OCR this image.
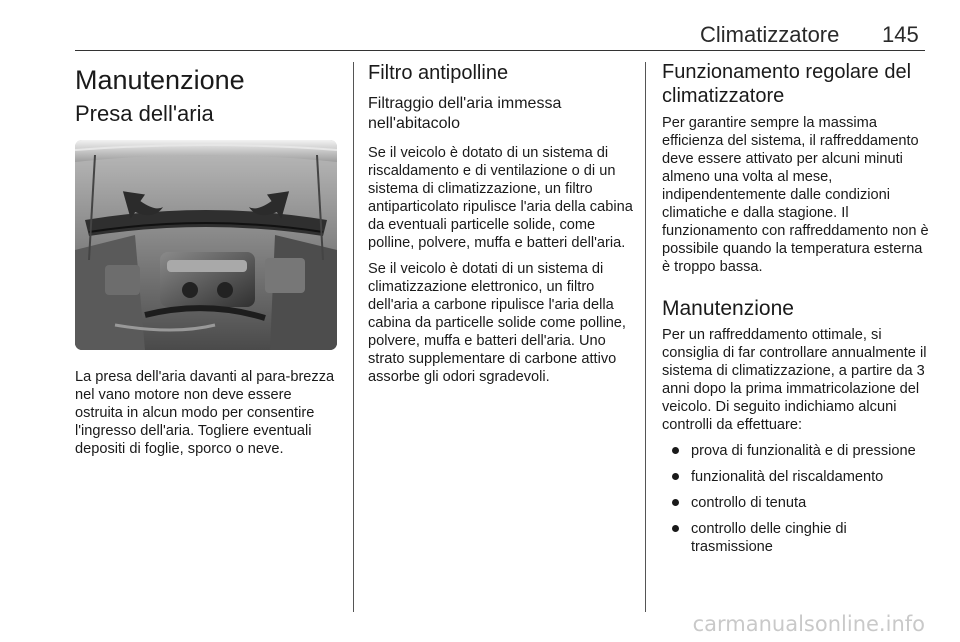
Climatizzatore 145
Manutenzione
Presa dell'aria

La presa dell'aria davanti al para-brezza nel vano motore non deve essere ostruita in alcun modo per consentire l'ingresso dell'aria. Togliere eventuali depositi di foglie, sporco o neve.

Filtro antipolline
Filtraggio dell'aria immessa nell'abitacolo

Se il veicolo è dotato di un sistema di riscaldamento e di ventilazione o di un sistema di climatizzazione, un filtro antiparticolato ripulisce l'aria della cabina da eventuali particelle solide, come polline, polvere, muffa e batteri dell'aria.

Se il veicolo è dotati di un sistema di climatizzazione elettronico, un filtro dell'aria a carbone ripulisce l'aria della cabina da particelle solide come polline, polvere, muffa e batteri dell'aria. Uno strato supplementare di carbone attivo assorbe gli odori sgradevoli.

Funzionamento regolare del climatizzatore

Per garantire sempre la massima efficienza del sistema, il raffreddamento deve essere attivato per alcuni minuti almeno una volta al mese, indipendentemente dalle condizioni climatiche e dalla stagione. Il funzionamento con raffreddamento non è possibile quando la temperatura esterna è troppo bassa.

Manutenzione

Per un raffreddamento ottimale, si consiglia di far controllare annualmente il sistema di climatizzazione, a partire da 3 anni dopo la prima immatricolazione del veicolo. Di seguito indichiamo alcuni controlli da effettuare:

prova di funzionalità e di pressione
funzionalità del riscaldamento
controllo di tenuta
controllo delle cinghie di trasmissione
carmanualsonline.info
